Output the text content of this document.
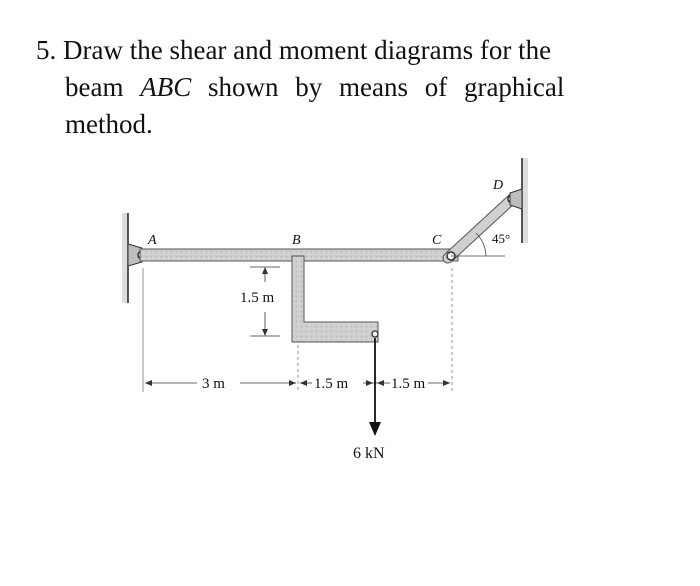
5. Draw the shear and moment diagrams for the
beam ABC shown by means of graphical
method.
A	B	C
D
45°
1.5 m
3 m	1.5 m	1.5 m
6 kN
